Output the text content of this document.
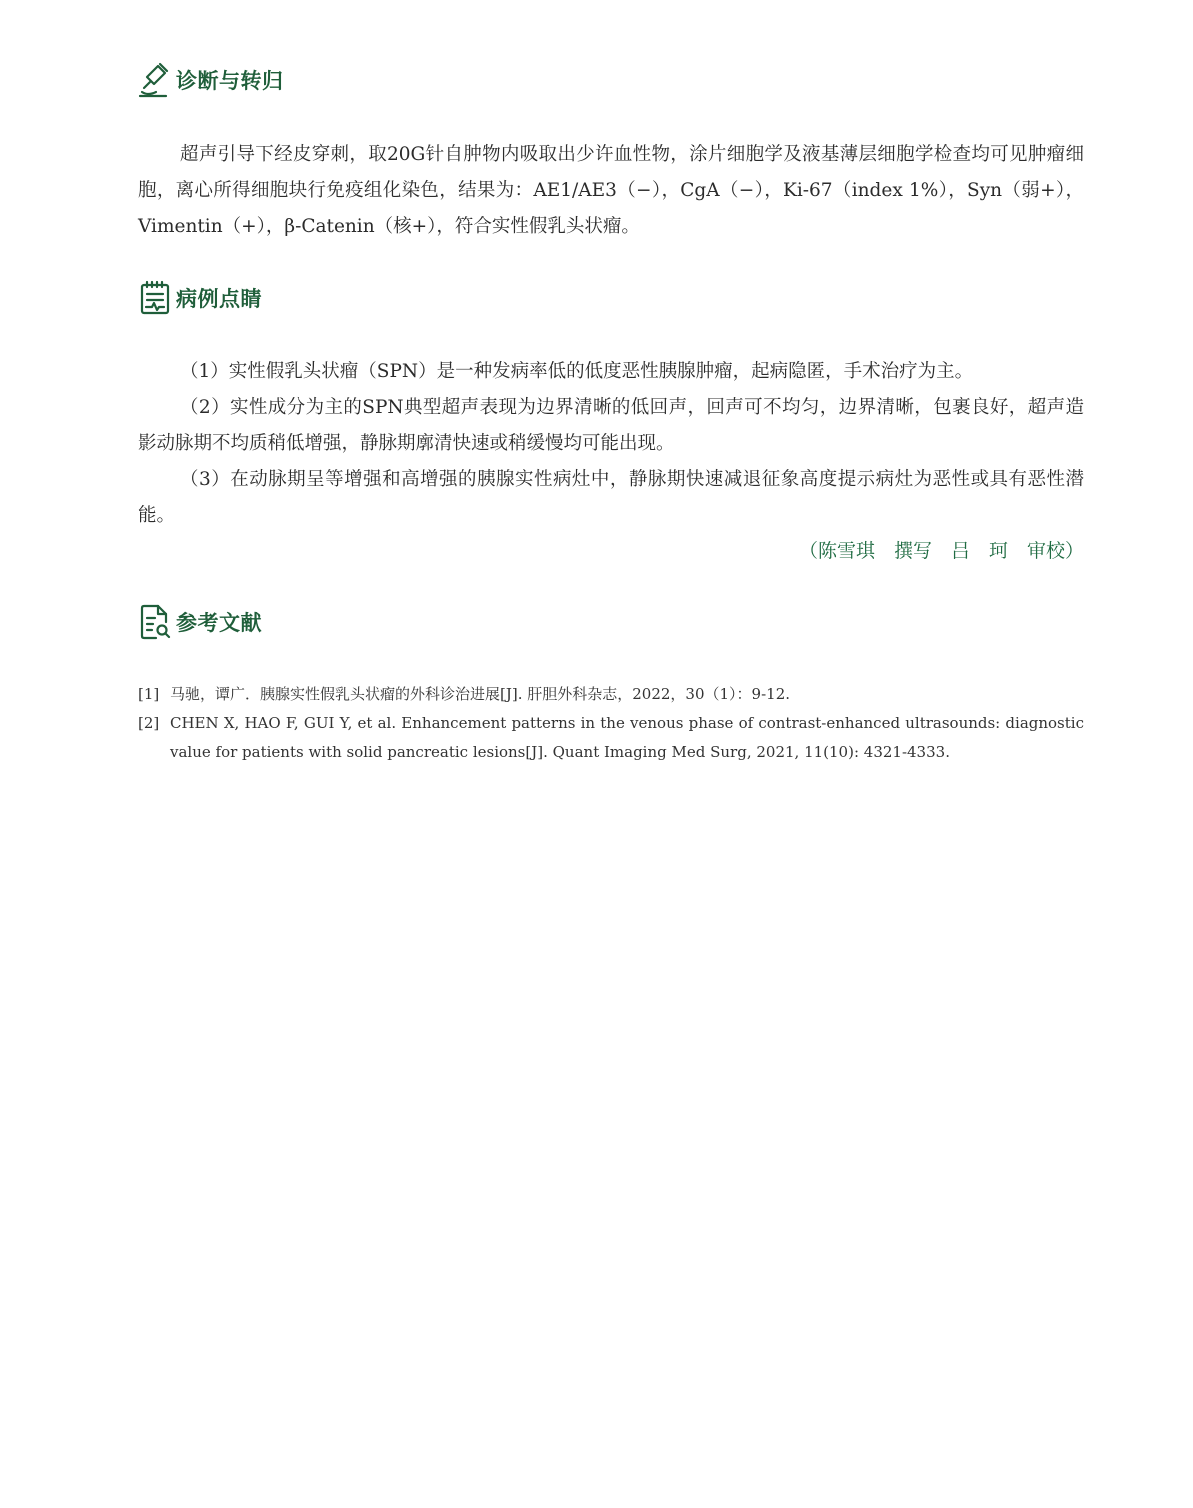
诊断与转归

超声引导下经皮穿刺，取20G针自肿物内吸取出少许血性物，涂片细胞学及液基薄层细胞学检查均可见肿瘤细胞，离心所得细胞块行免疫组化染色，结果为：AE1/AE3（−），CgA（−），Ki-67（index 1%），Syn（弱+），Vimentin（+），β-Catenin（核+），符合实性假乳头状瘤。

病例点睛

（1）实性假乳头状瘤（SPN）是一种发病率低的低度恶性胰腺肿瘤，起病隐匿，手术治疗为主。

（2）实性成分为主的SPN典型超声表现为边界清晰的低回声，回声可不均匀，边界清晰，包裹良好，超声造影动脉期不均质稍低增强，静脉期廓清快速或稍缓慢均可能出现。

（3）在动脉期呈等增强和高增强的胰腺实性病灶中，静脉期快速减退征象高度提示病灶为恶性或具有恶性潜能。

（陈雪琪　撰写　吕　珂　审校）
参考文献
[1] 马驰，谭广．胰腺实性假乳头状瘤的外科诊治进展[J]. 肝胆外科杂志，2022，30（1）：9-12.
[2] CHEN X, HAO F, GUI Y, et al. Enhancement patterns in the venous phase of contrast-enhanced ultrasounds: diagnostic value for patients with solid pancreatic lesions[J]. Quant Imaging Med Surg, 2021, 11(10): 4321-4333.
